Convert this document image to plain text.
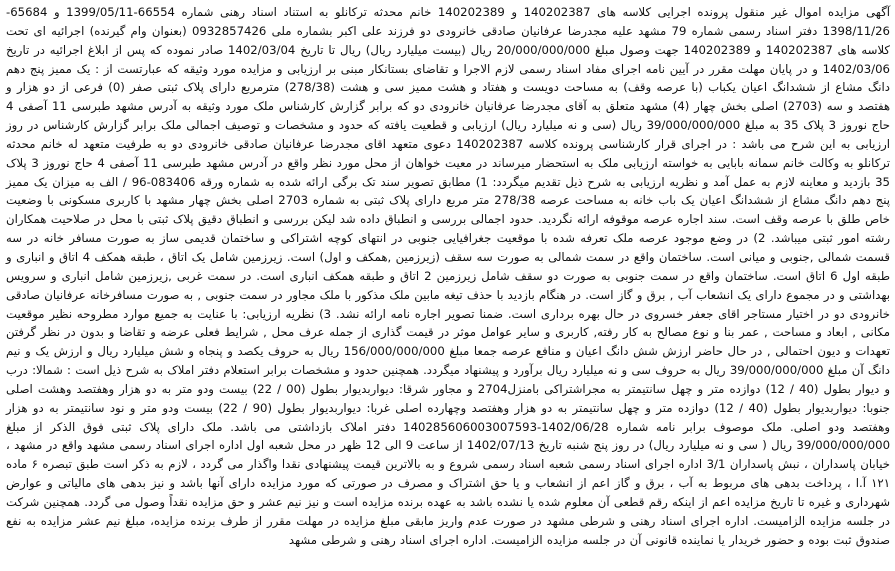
آگهی مزایده اموال غیر منقول پرونده اجرایی کلاسه های 140202387 و 140202389 خانم محدثه ترکانلو به استناد اسناد رهنی شماره 66554-1399/05/11 و 65684-1398/11/26 دفتر اسناد رسمی شماره 79 مشهد علیه مجدرضا عرفانیان صادقی خانرودی دو فرزند علی اکبر بشماره ملی 0932857426 (بعنوان وام گیرنده) اجرائیه ای تحت کلاسه های 140202387 و 140202389 جهت وصول مبلغ 20/000/000/000 ریال (بیست میلیارد ریال) ریال تا تاریخ 1402/03/04 صادر نموده که پس از ابلاغ اجرائیه در تاریخ 1402/03/06 و در پایان مهلت مقرر در آیین نامه اجرای مفاد اسناد رسمی لازم الاجرا و تقاضای بستانکار مبنی بر ارزیابی و مزایده مورد وثیقه که عبارتست از : یک ممیز پنج دهم دانگ مشاع از ششدانگ اعیان یکباب (با عرصه وقف) به مساحت دویست و هفتاد و هشت ممیز سی و هشت (278/38) مترمربع دارای پلاک ثبتی صفر (0) فرعی از دو هزار و هفتصد و سه (2703) اصلی بخش چهار (4) مشهد متعلق به آقای مجدرضا عرفانیان خانرودی دو که برابر گزارش کارشناس ملک مورد وثیقه به آدرس مشهد طبرسی 11 آصفی 4 حاج نوروز 3 پلاک 35 به مبلغ 39/000/000/000 ریال (سی و نه میلیارد ریال) ارزیابی و قطعیت یافته که حدود و مشخصات و توصیف اجمالی ملک برابر گزارش کارشناس در روز ارزیابی به این شرح می باشد : در اجرای قرار کارشناسی پرونده کلاسه 140202387 دعوی متعهد اقای مجدرضا عرفانیان صادقی خانرودی دو به طرفیت متعهد له خانم محدثه ترکانلو به وکالت خانم سمانه بابایی به خواسته ارزیابی ملک به استحضار میرساند در معیت خواهان از محل مورد نظر واقع در آدرس مشهد طبرسی 11 آصفی 4 حاج نوروز 3 پلاک 35 بازدید و معاینه لازم به عمل آمد و نظریه ارزیابی به شرح ذیل تقدیم میگردد: 1) مطابق تصویر سند تک برگی ارائه شده به شماره ورقه 083406-96 / الف به میزان یک ممیز پنج دهم دانگ مشاع از ششدانگ اعیان یک باب خانه به مساحت عرصه 278/38 متر مربع دارای پلاک ثبتی به شماره 2703 اصلی بخش چهار مشهد با کاربری مسکونی با وضعیت خاص طلق با عرصه وقف است. سند اجاره عرصه موقوفه ارائه نگردید. حدود اجمالی بررسی و انطباق داده شد لیکن بررسی و انطباق دقیق پلاک ثبتی با محل در صلاحیت همکاران رشته امور ثبتی میباشد. 2) در وضع موجود عرصه ملک تعرفه شده با موقعیت جغرافیایی جنوبی در انتهای کوچه اشتراکی و ساختمان قدیمی ساز به صورت مسافر خانه در سه قسمت شمالی ,جنوبی و میانی است. ساختمان واقع در سمت شمالی به صورت سه سقف (زیرزمین ,همکف و اول) است. زیرزمین شامل یک اتاق ، طبقه همکف 4 اتاق و انباری و طبقه اول 6 اتاق است. ساختمان واقع در سمت جنوبی به صورت دو سقف شامل زیرزمین 2 اتاق و طبقه همکف انباری است. در سمت غربی ,زیرزمین شامل انباری و سرویس بهداشتی و در مجموع دارای یک انشعاب آب , برق و گاز است. در هنگام بازدید با حذف تیغه مابین ملک مذکور با ملک مجاور در سمت جنوبی , به صورت مسافرخانه عرفانیان صادقی خانرودی دو در اختیار مستاجر اقای جعفر خسروی در حال بهره برداری است. ضمنا تصویر اجاره نامه ارائه نشد. 3) نظریه ارزیابی: با عنایت به جمیع موارد مطروحه نظیر موقعیت مکانی , ابعاد و مساحت , عمر بنا و نوع مصالح به کار رفته, کاربری و سایر عوامل موثر در قیمت گذاری از جمله عرف محل , شرایط فعلی عرضه و تقاضا و بدون در نظر گرفتن تعهدات و دیون احتمالی , در حال حاضر ارزش شش دانگ اعیان و منافع عرصه جمعا مبلغ 156/000/000/000 ریال به حروف یکصد و پنجاه و شش میلیارد ریال و ارزش یک و نیم دانگ آن مبلغ 39/000/000/000 ریال به حروف سی و نه میلیارد ریال برآورد و پیشنهاد میگردد. همچنین حدود و مشخصات برابر استعلام دفتر املاک به شرح ذیل است : شمالا: درب و دیوار بطول (40 / 12) دوازده متر و چهل سانتیمتر به مجراشتراکی بامنزل2704 و مجاور شرقا: دیواربدیوار بطول (00 / 22) بیست ودو متر به دو هزار وهفتصد وهشت اصلی جنوبا: دیواربدیوار بطول (40 / 12) دوازده متر و چهل سانتیمتر به دو هزار وهفتصد وچهارده اصلی غربا: دیواربدیوار بطول (90 / 22) بیست ودو متر و نود سانتیمتر به دو هزار وهفتصد ودو اصلی. ملک موصوف برابر نامه شماره 1402/06/28-140285606003007593 دفتر املاک بازداشتی می باشد. ملک دارای پلاک ثبتی فوق الذکر از مبلغ 39/000/000/000 ریال ( سی و نه میلیارد ریال) در روز پنج شنبه تاریخ 1402/07/13 از ساعت 9 الی 12 ظهر در محل شعبه اول اداره اجرای اسناد رسمی مشهد واقع در مشهد ، خیابان پاسداران ، نبش پاسداران 3/1 اداره اجرای اسناد رسمی شعبه اسناد رسمی شروع و به بالاترین قیمت پیشنهادی نقدا واگذار می گردد ، لازم به ذکر است طبق تبصره ۶ ماده ۱۲۱ آ.ا ، پرداخت بدهی های مربوط به آب ، برق و گاز اعم از انشعاب و یا حق اشتراک و مصرف در صورتی که مورد مزایده دارای آنها باشد و نیز بدهی های مالیاتی و عوارض شهرداری و غیره تا تاریخ مزایده اعم از اینکه رقم قطعی آن معلوم شده یا نشده باشد به عهده برنده مزایده است و نیز نیم عشر و حق مزایده نقداً وصول می گردد. همچنین شرکت در جلسه مزایده الزامیست. اداره اجرای اسناد رهنی و شرطی مشهد در صورت عدم واریز مابقی مبلغ مزایده در مهلت مقرر از طرف برنده مزایده، مبلغ نیم عشر مزایده به نفع صندوق ثبت بوده و حضور خریدار یا نماینده قانونی آن در جلسه مزایده الزامیست. اداره اجرای اسناد رهنی و شرطی مشهد
